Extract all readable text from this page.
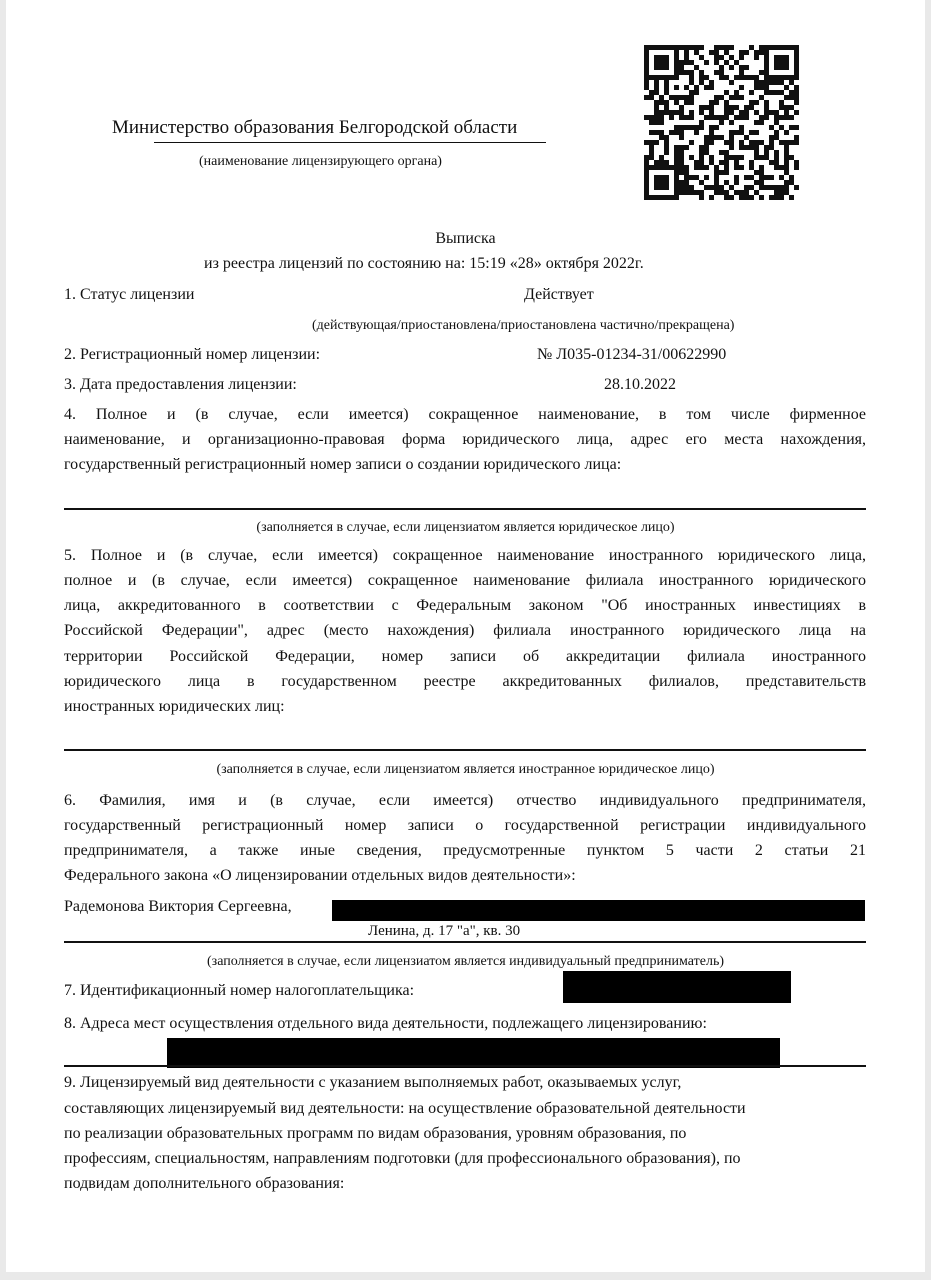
Министерство образования Белгородской области
(наименование лицензирующего органа)
Выписка
из реестра лицензий по состоянию на: 15:19 «28» октября 2022г.
1. Статус лицензии	Действует
(действующая/приостановлена/приостановлена частично/прекращена)
2. Регистрационный номер лицензии:	№ Л035-01234-31/00622990
3. Дата предоставления лицензии:	28.10.2022
4. Полное и (в случае, если имеется) сокращенное наименование, в том числе фирменное
наименование, и организационно-правовая форма юридического лица, адрес его места нахождения,
государственный регистрационный номер записи о создании юридического лица:
(заполняется в случае, если лицензиатом является юридическое лицо)
5. Полное и (в случае, если имеется) сокращенное наименование иностранного юридического лица,
полное и (в случае, если имеется) сокращенное наименование филиала иностранного юридического
лица, аккредитованного в соответствии с Федеральным законом "Об иностранных инвестициях в
Российской Федерации", адрес (место нахождения) филиала иностранного юридического лица на
территории Российской Федерации, номер записи об аккредитации филиала иностранного
юридического лица в государственном реестре аккредитованных филиалов, представительств
иностранных юридических лиц:
(заполняется в случае, если лицензиатом является иностранное юридическое лицо)
6. Фамилия, имя и (в случае, если имеется) отчество индивидуального предпринимателя,
государственный регистрационный номер записи о государственной регистрации индивидуального
предпринимателя, а также иные сведения, предусмотренные пунктом 5 части 2 статьи 21
Федерального закона «О лицензировании отдельных видов деятельности»:
Радемонова Виктория Сергеевна,
Ленина, д. 17 "а", кв. 30
(заполняется в случае, если лицензиатом является индивидуальный предприниматель)
7. Идентификационный номер налогоплательщика:
8. Адреса мест осуществления отдельного вида деятельности, подлежащего лицензированию:
9. Лицензируемый вид деятельности с указанием выполняемых работ, оказываемых услуг,
составляющих лицензируемый вид деятельности: на осуществление образовательной деятельности
по реализации образовательных программ по видам образования, уровням образования, по
профессиям, специальностям, направлениям подготовки (для профессионального образования), по
подвидам дополнительного образования:
